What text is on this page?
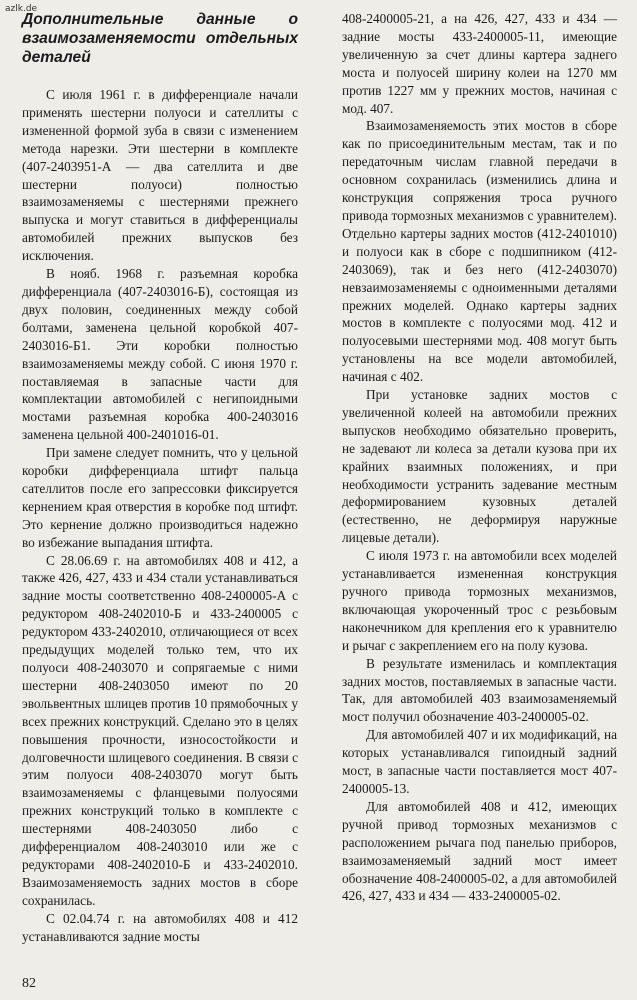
azlk.de
Дополнительные данные о взаимозаменяемости отдельных деталей

С июля 1961 г. в дифференциале начали применять шестерни полуоси и сателлиты с измененной формой зуба в связи с изменением метода нарезки. Эти шестерни в комплекте (407-2403951-А — два сателлита и две шестерни полуоси) полностью взаимозаменяемы с шестернями прежнего выпуска и могут ставиться в дифференциалы автомобилей прежних выпусков без исключения.

В нояб. 1968 г. разъемная коробка дифференциала (407-2403016-Б), состоящая из двух половин, соединенных между собой болтами, заменена цельной коробкой 407-2403016-Б1. Эти коробки полностью взаимозаменяемы между собой. С июня 1970 г. поставляемая в запасные части для комплектации автомобилей с негипоидными мостами разъемная коробка 400-2403016 заменена цельной 400-2401016-01.

При замене следует помнить, что у цельной коробки дифференциала штифт пальца сателлитов после его запрессовки фиксируется кернением края отверстия в коробке под штифт. Это кернение должно производиться надежно во избежание выпадания штифта.

С 28.06.69 г. на автомобилях 408 и 412, а также 426, 427, 433 и 434 стали устанавливаться задние мосты соответственно 408-2400005-А с редуктором 408-2402010-Б и 433-2400005 с редуктором 433-2402010, отличающиеся от всех предыдущих моделей только тем, что их полуоси 408-2403070 и сопрягаемые с ними шестерни 408-2403050 имеют по 20 эвольвентных шлицев против 10 прямобочных у всех прежних конструкций. Сделано это в целях повышения прочности, износостойкости и долговечности шлицевого соединения. В связи с этим полуоси 408-2403070 могут быть взаимозаменяемы с фланцевыми полуосями прежних конструкций только в комплекте с шестернями 408-2403050 либо с дифференциалом 408-2403010 или же с редукторами 408-2402010-Б и 433-2402010. Взаимозаменяемость задних мостов в сборе сохранилась.

С 02.04.74 г. на автомобилях 408 и 412 устанавливаются задние мосты

408-2400005-21, а на 426, 427, 433 и 434 — задние мосты 433-2400005-11, имеющие увеличенную за счет длины картера заднего моста и полуосей ширину колеи на 1270 мм против 1227 мм у прежних мостов, начиная с мод. 407.

Взаимозаменяемость этих мостов в сборе как по присоединительным местам, так и по передаточным числам главной передачи в основном сохранилась (изменились длина и конструкция сопряжения троса ручного привода тормозных механизмов с уравнителем). Отдельно картеры задних мостов (412-2401010) и полуоси как в сборе с подшипником (412-2403069), так и без него (412-2403070) невзаимозаменяемы с одноименными деталями прежних моделей. Однако картеры задних мостов в комплекте с полуосями мод. 412 и полуосевыми шестернями мод. 408 могут быть установлены на все модели автомобилей, начиная с 402.

При установке задних мостов с увеличенной колеей на автомобили прежних выпусков необходимо обязательно проверить, не задевают ли колеса за детали кузова при их крайних взаимных положениях, и при необходимости устранить задевание местным деформированием кузовных деталей (естественно, не деформируя наружные лицевые детали).

С июля 1973 г. на автомобили всех моделей устанавливается измененная конструкция ручного привода тормозных механизмов, включающая укороченный трос с резьбовым наконечником для крепления его к уравнителю и рычаг с закреплением его на полу кузова.

В результате изменилась и комплектация задних мостов, поставляемых в запасные части. Так, для автомобилей 403 взаимозаменяемый мост получил обозначение 403-2400005-02.

Для автомобилей 407 и их модификаций, на которых устанавливался гипоидный задний мост, в запасные части поставляется мост 407-2400005-13.

Для автомобилей 408 и 412, имеющих ручной привод тормозных механизмов с расположением рычага под панелью приборов, взаимозаменяемый задний мост имеет обозначение 408-2400005-02, а для автомобилей 426, 427, 433 и 434 — 433-2400005-02.

82
